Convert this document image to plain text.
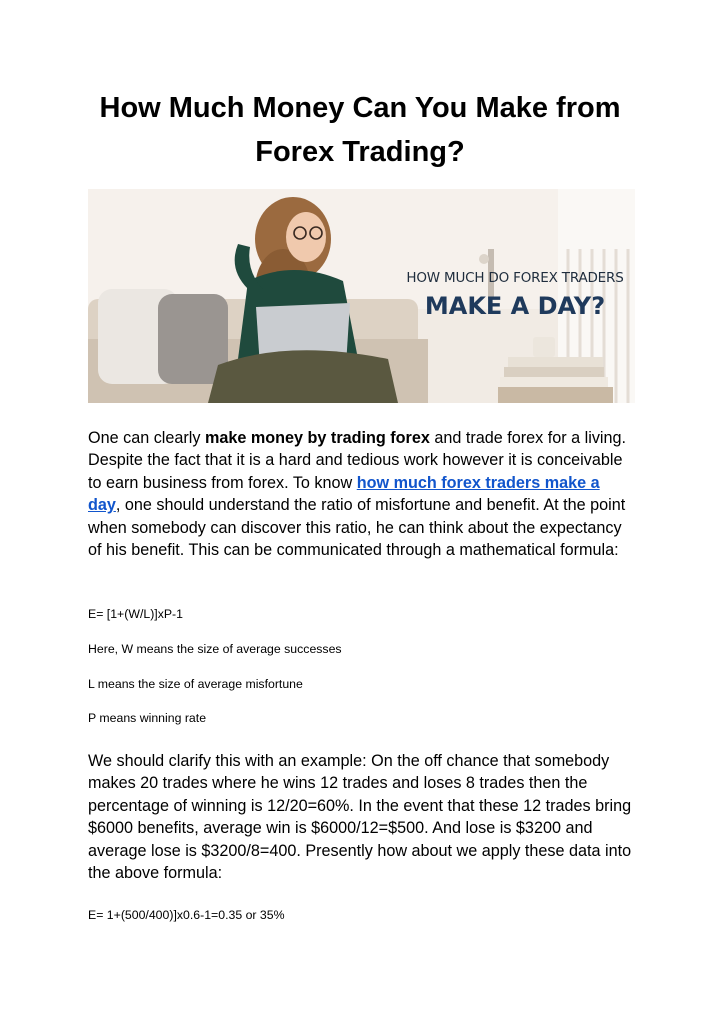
How Much Money Can You Make from Forex Trading?
HOW MUCH DO FOREX TRADERS
MAKE A DAY?

One can clearly make money by trading forex and trade forex for a living. Despite the fact that it is a hard and tedious work however it is conceivable to earn business from forex. To know how much forex traders make a day, one should understand the ratio of misfortune and benefit. At the point when somebody can discover this ratio, he can think about the expectancy of his benefit. This can be communicated through a mathematical formula:

E= [1+(W/L)]xP-1

Here, W means the size of average successes

L means the size of average misfortune

P means winning rate

We should clarify this with an example: On the off chance that somebody makes 20 trades where he wins 12 trades and loses 8 trades then the percentage of winning is 12/20=60%. In the event that these 12 trades bring $6000 benefits, average win is $6000/12=$500. And lose is $3200 and average lose is $3200/8=400. Presently how about we apply these data into the above formula:

E= 1+(500/400)]x0.6-1=0.35 or 35%
